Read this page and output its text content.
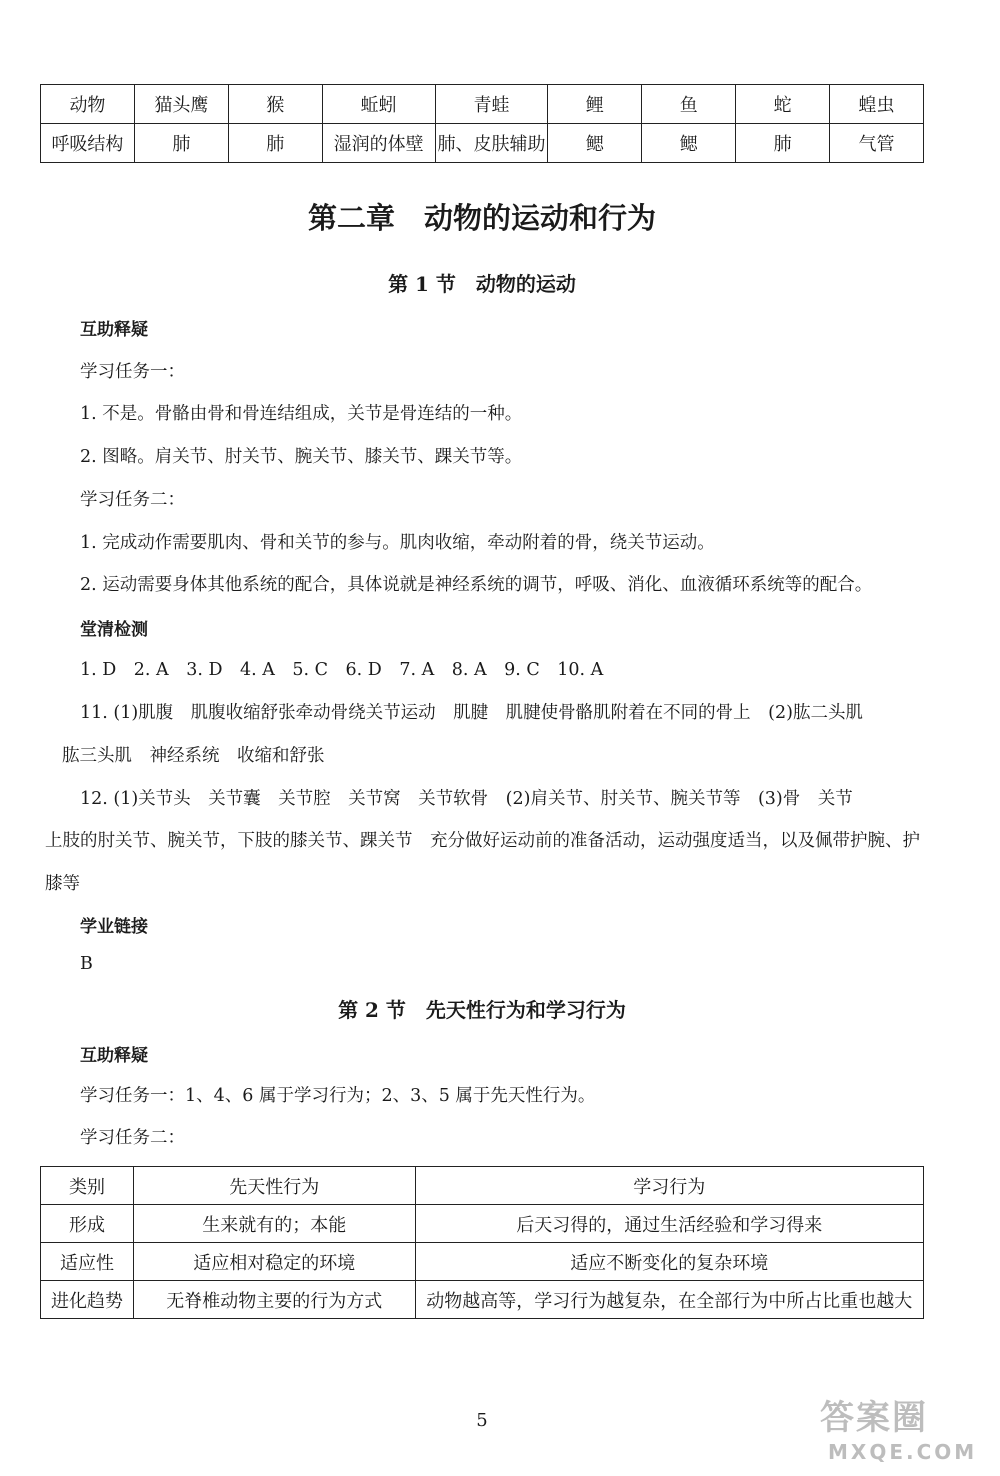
动物	猫头鹰	猴	蚯蚓	青蛙	鲤	鱼	蛇	蝗虫
呼吸结构	肺	肺	湿润的体壁	肺、皮肤辅助	鳃	鳃	肺	气管
第二章　动物的运动和行为
第 1 节　动物的运动
互助释疑
学习任务一：
1. 不是。骨骼由骨和骨连结组成，关节是骨连结的一种。
2. 图略。肩关节、肘关节、腕关节、膝关节、踝关节等。
学习任务二：
1. 完成动作需要肌肉、骨和关节的参与。肌肉收缩，牵动附着的骨，绕关节运动。
2. 运动需要身体其他系统的配合，具体说就是神经系统的调节，呼吸、消化、血液循环系统等的配合。
堂清检测
1. D　2. A　3. D　4. A　5. C　6. D　7. A　8. A　9. C　10. A
11. (1)肌腹　肌腹收缩舒张牵动骨绕关节运动　肌腱　肌腱使骨骼肌附着在不同的骨上　(2)肱二头肌
肱三头肌　神经系统　收缩和舒张
12. (1)关节头　关节囊　关节腔　关节窝　关节软骨　(2)肩关节、肘关节、腕关节等　(3)骨　关节
上肢的肘关节、腕关节，下肢的膝关节、踝关节　充分做好运动前的准备活动，运动强度适当，以及佩带护腕、护
膝等
学业链接
B
第 2 节　先天性行为和学习行为
互助释疑
学习任务一：1、4、6 属于学习行为；2、3、5 属于先天性行为。
学习任务二：
类别	先天性行为	学习行为
形成	生来就有的；本能	后天习得的，通过生活经验和学习得来
适应性	适应相对稳定的环境	适应不断变化的复杂环境
进化趋势	无脊椎动物主要的行为方式	动物越高等，学习行为越复杂，在全部行为中所占比重也越大
5	答案圈
MXQE.COM
